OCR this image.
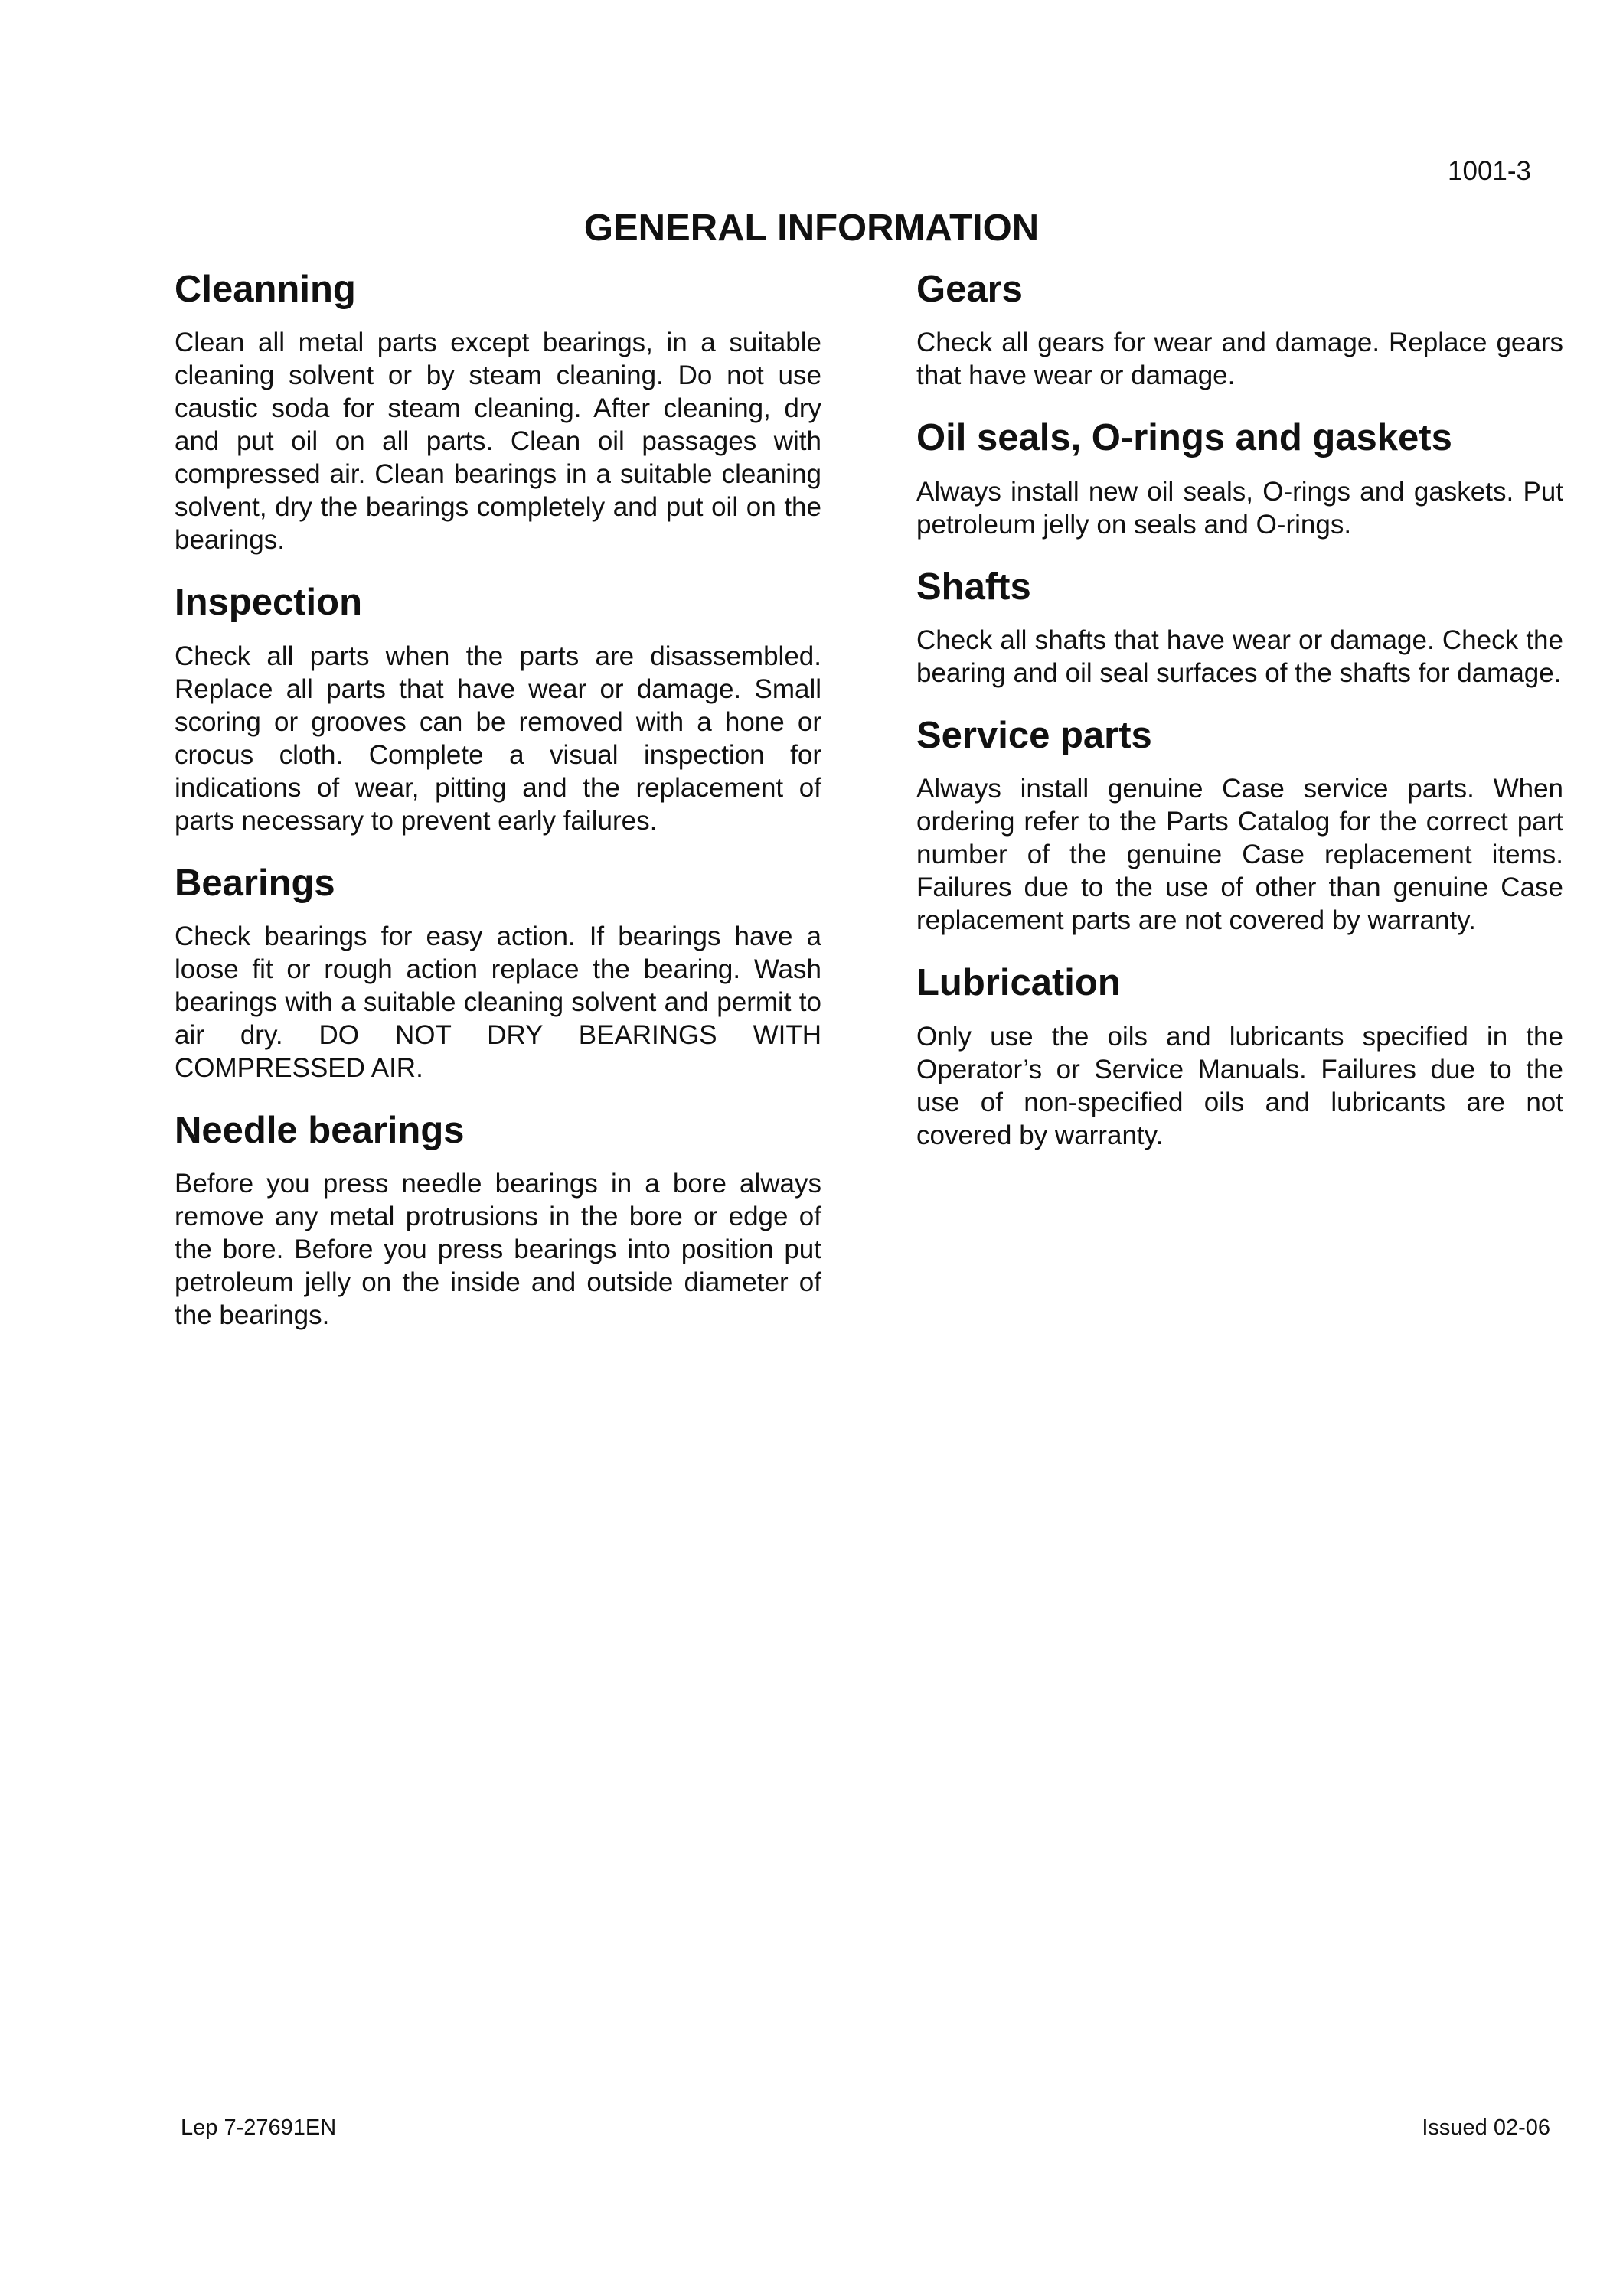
1001-3
GENERAL INFORMATION
Cleanning

Clean all metal parts except bearings, in a suitable cleaning solvent or by steam cleaning. Do not use caustic soda for steam cleaning. After cleaning, dry and put oil on all parts. Clean oil passages with compressed air. Clean bearings in a suitable cleaning solvent, dry the bearings completely and put oil on the bearings.

Inspection

Check all parts when the parts are disassembled. Replace all parts that have wear or damage. Small scoring or grooves can be removed with a hone or crocus cloth. Complete a visual inspection for indications of wear, pitting and the replacement of parts necessary to prevent early failures.

Bearings

Check bearings for easy action. If bearings have a loose fit or rough action replace the bearing. Wash bearings with a suitable cleaning solvent and permit to air dry. DO NOT DRY BEARINGS WITH COMPRESSED AIR.

Needle bearings

Before you press needle bearings in a bore always remove any metal protrusions in the bore or edge of the bore. Before you press bearings into position put petroleum jelly on the inside and outside diameter of the bearings.

Gears

Check all gears for wear and damage. Replace gears that have wear or damage.

Oil seals, O-rings and gaskets

Always install new oil seals, O-rings and gaskets. Put petroleum jelly on seals and O-rings.

Shafts

Check all shafts that have wear or damage. Check the bearing and oil seal surfaces of the shafts for damage.

Service parts

Always install genuine Case service parts. When ordering refer to the Parts Catalog for the correct part number of the genuine Case replacement items. Failures due to the use of other than genuine Case replacement parts are not covered by warranty.

Lubrication

Only use the oils and lubricants specified in the Operator’s or Service Manuals. Failures due to the use of non-specified oils and lubricants are not covered by warranty.

Lep 7-27691EN	Issued 02-06
